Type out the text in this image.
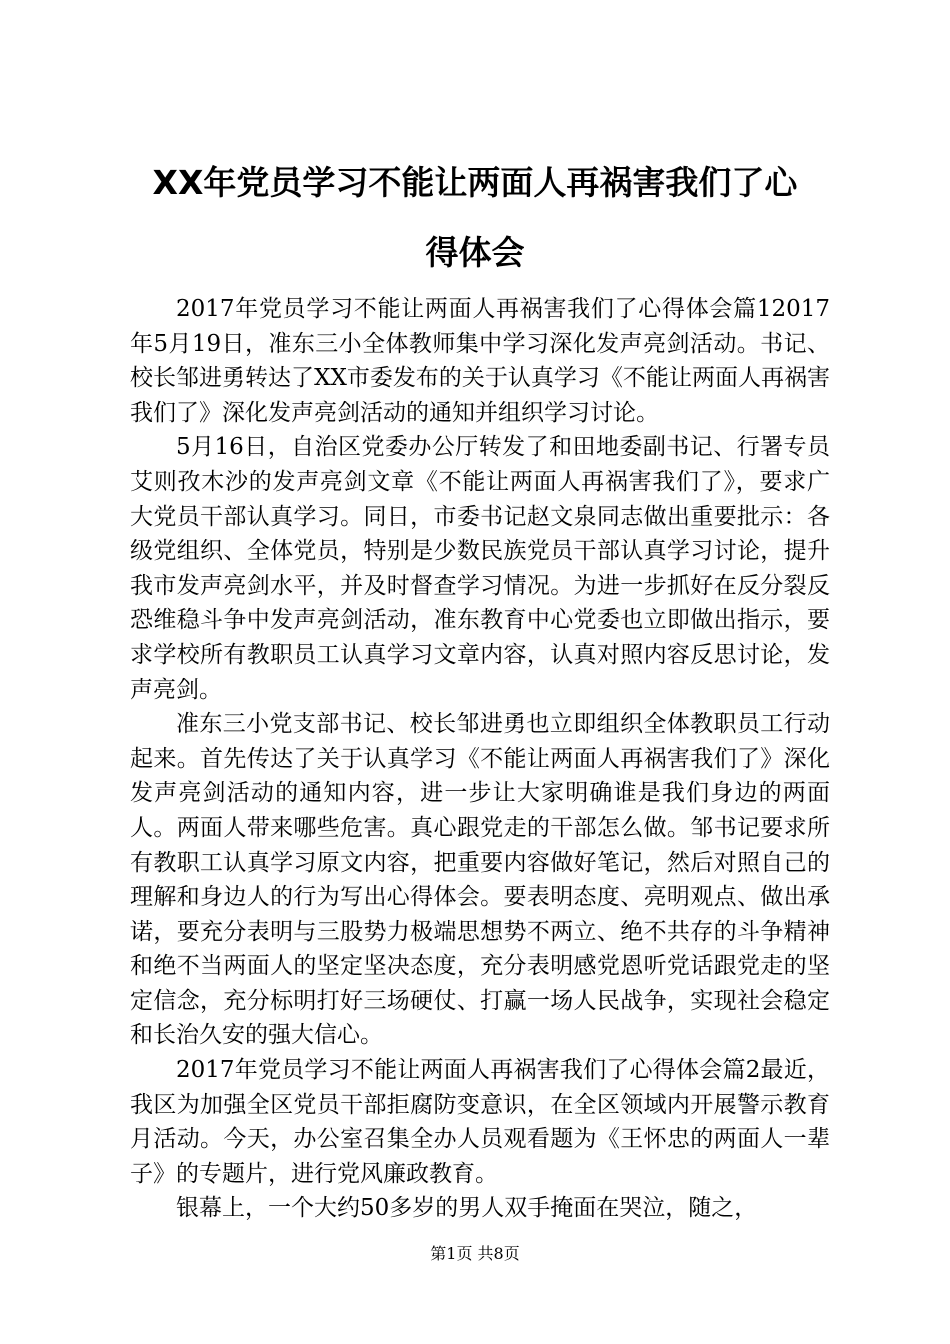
XX年党员学习不能让两面人再祸害我们了心
得体会

2017年党员学习不能让两面人再祸害我们了心得体会篇12017年5月19日，准东三小全体教师集中学习深化发声亮剑活动。书记、校长邹进勇转达了XX市委发布的关于认真学习《不能让两面人再祸害我们了》深化发声亮剑活动的通知并组织学习讨论。

5月16日，自治区党委办公厅转发了和田地委副书记、行署专员艾则孜木沙的发声亮剑文章《不能让两面人再祸害我们了》，要求广大党员干部认真学习。同日，市委书记赵文泉同志做出重要批示：各级党组织、全体党员，特别是少数民族党员干部认真学习讨论，提升我市发声亮剑水平，并及时督查学习情况。为进一步抓好在反分裂反恐维稳斗争中发声亮剑活动，准东教育中心党委也立即做出指示，要求学校所有教职员工认真学习文章内容，认真对照内容反思讨论，发声亮剑。

准东三小党支部书记、校长邹进勇也立即组织全体教职员工行动起来。首先传达了关于认真学习《不能让两面人再祸害我们了》深化发声亮剑活动的通知内容，进一步让大家明确谁是我们身边的两面人。两面人带来哪些危害。真心跟党走的干部怎么做。邹书记要求所有教职工认真学习原文内容，把重要内容做好笔记，然后对照自己的理解和身边人的行为写出心得体会。要表明态度、亮明观点、做出承诺，要充分表明与三股势力极端思想势不两立、绝不共存的斗争精神和绝不当两面人的坚定坚决态度，充分表明感党恩听党话跟党走的坚定信念，充分标明打好三场硬仗、打赢一场人民战争，实现社会稳定和长治久安的强大信心。

2017年党员学习不能让两面人再祸害我们了心得体会篇2最近，我区为加强全区党员干部拒腐防变意识，在全区领域内开展警示教育月活动。今天，办公室召集全办人员观看题为《王怀忠的两面人一辈子》的专题片，进行党风廉政教育。

银幕上，一个大约50多岁的男人双手掩面在哭泣，随之，

第1页 共8页
